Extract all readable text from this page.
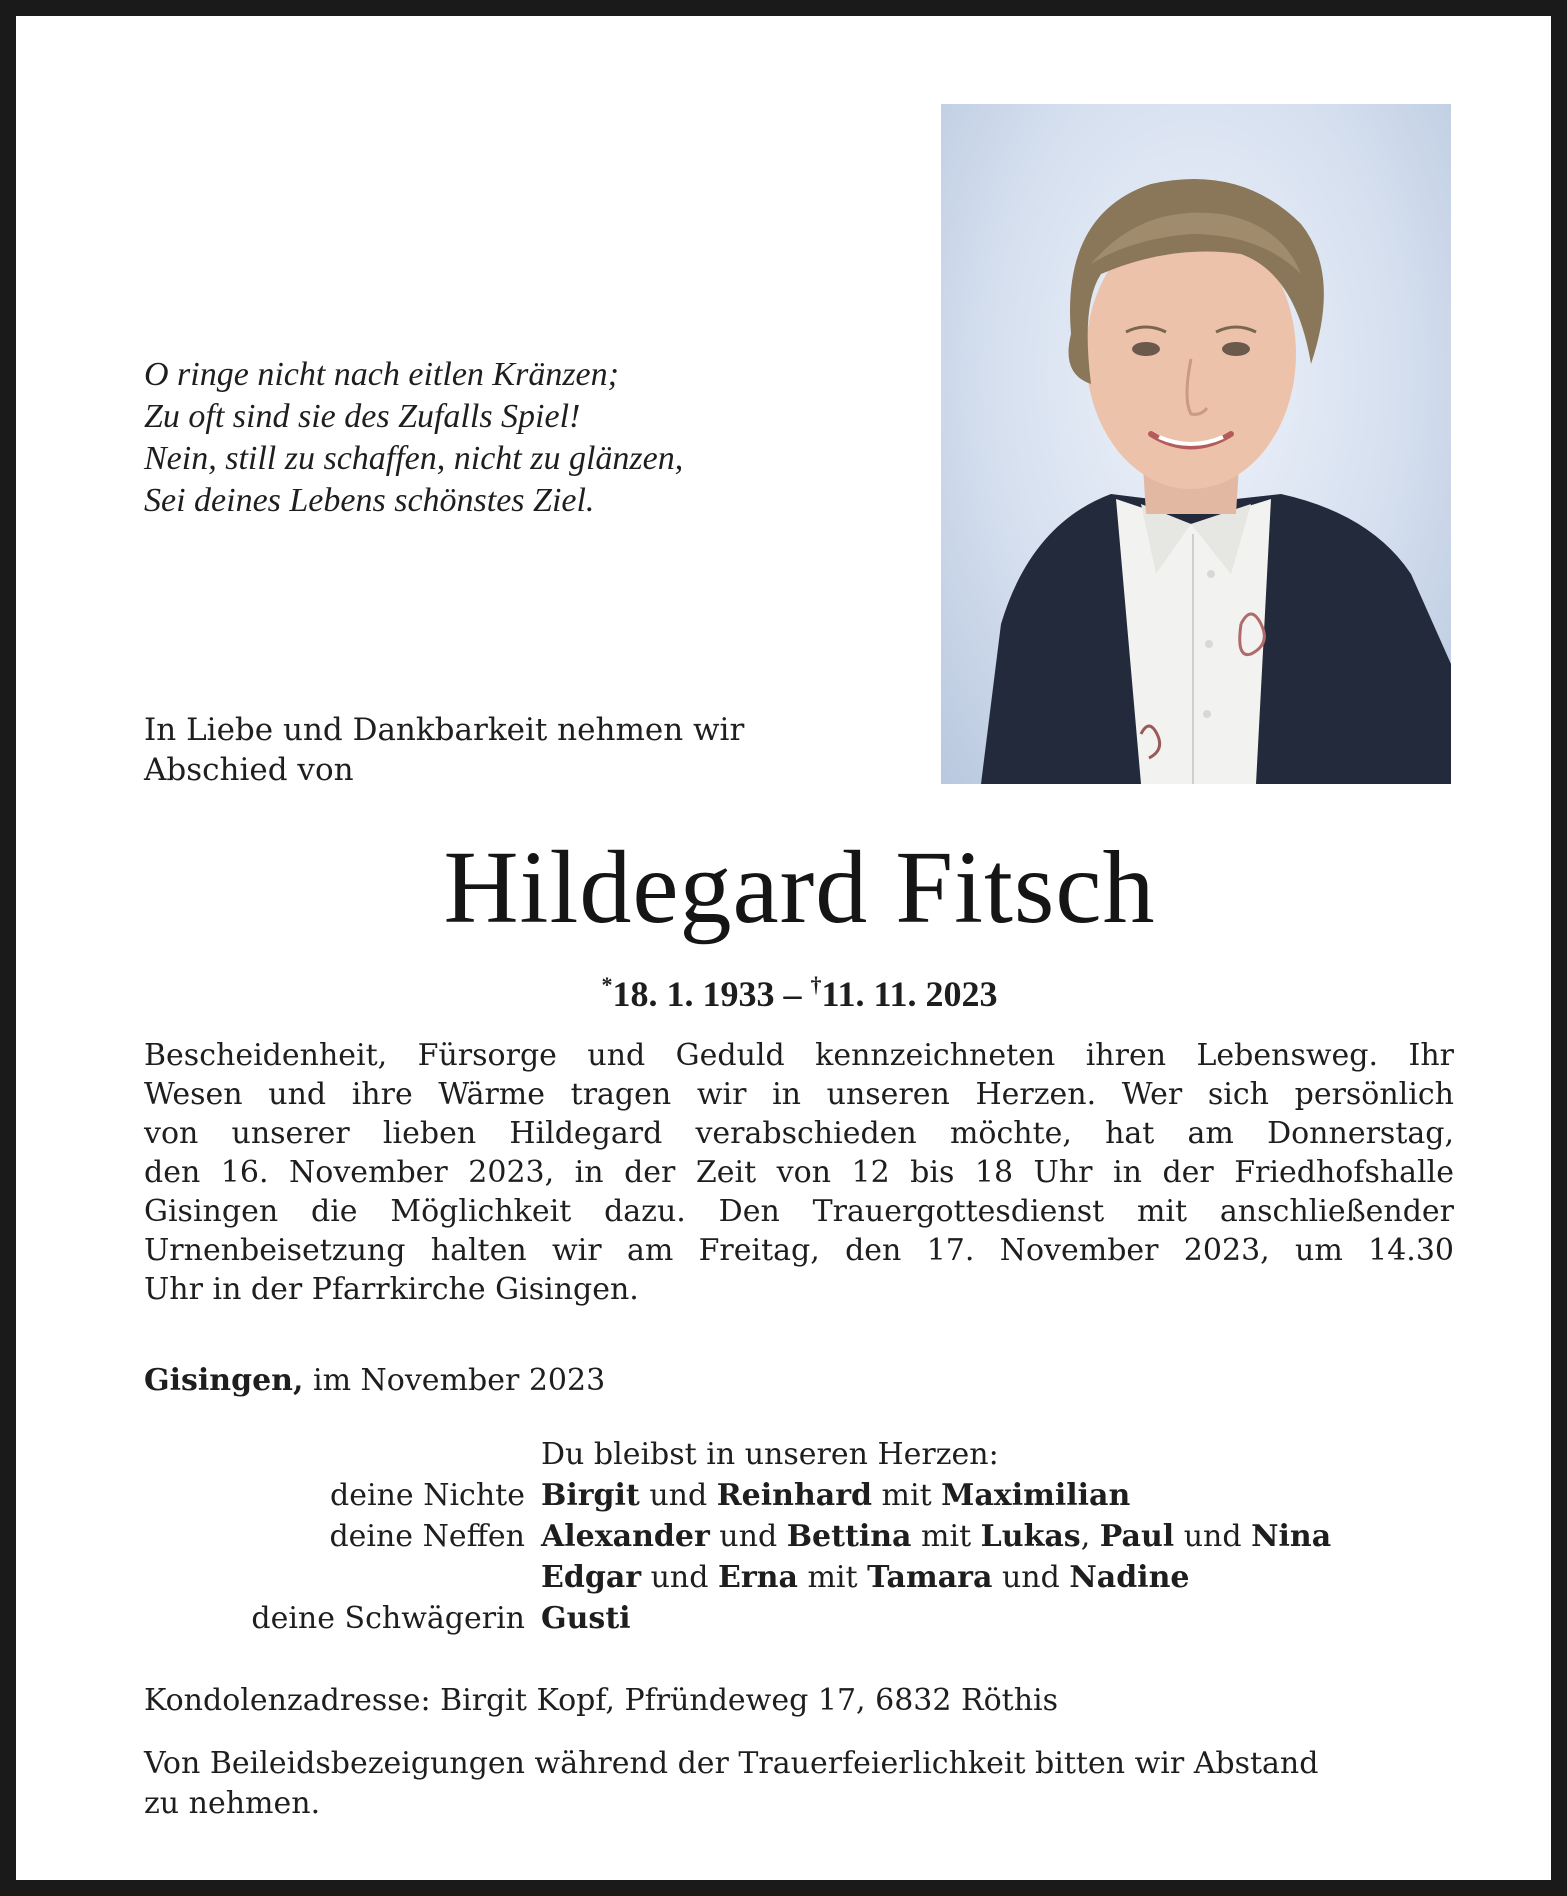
O ringe nicht nach eitlen Kränzen;
Zu oft sind sie des Zufalls Spiel!
Nein, still zu schaffen, nicht zu glänzen,
Sei deines Lebens schönstes Ziel.
In Liebe und Dankbarkeit nehmen wir
Abschied von
Hildegard Fitsch
*18. 1. 1933 – †11. 11. 2023
Bescheidenheit, Fürsorge und Geduld kennzeichneten ihren Lebensweg. Ihr
Wesen und ihre Wärme tragen wir in unseren Herzen. Wer sich persönlich
von unserer lieben Hildegard verabschieden möchte, hat am Donnerstag,
den 16. November 2023, in der Zeit von 12 bis 18 Uhr in der Friedhofshalle
Gisingen die Möglichkeit dazu. Den Trauergottesdienst mit anschließender
Urnenbeisetzung halten wir am Freitag, den 17. November 2023, um 14.30
Uhr in der Pfarrkirche Gisingen.
Gisingen, im November 2023
Du bleibst in unseren Herzen:
deine Nichte Birgit und Reinhard mit Maximilian
deine Neffen Alexander und Bettina mit Lukas, Paul und Nina
Edgar und Erna mit Tamara und Nadine
deine Schwägerin Gusti
Kondolenzadresse: Birgit Kopf, Pfründeweg 17, 6832 Röthis
Von Beileidsbezeigungen während der Trauerfeierlichkeit bitten wir Abstand
zu nehmen.
